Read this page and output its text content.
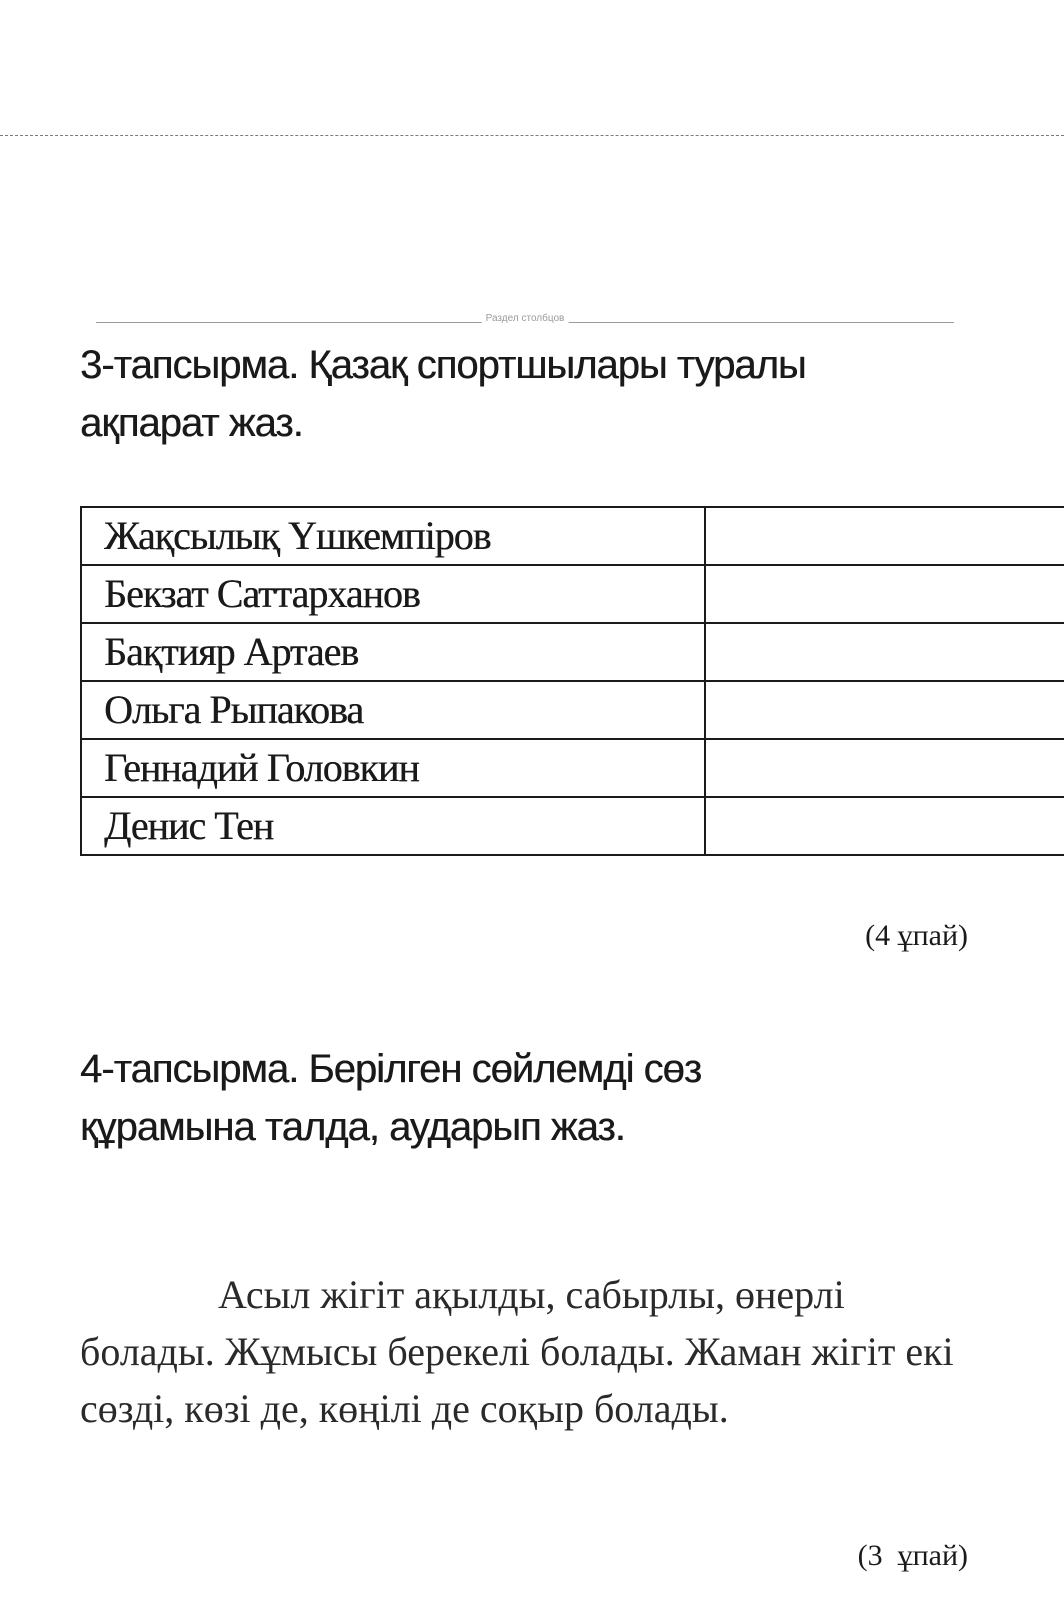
Раздел столбцов
3-тапсырма. Қазақ спортшылары туралы
ақпарат жаз.
Жақсылық Үшкемпіров	
Бекзат Саттарханов	
Бақтияр Артаев	
Ольга Рыпакова	
Геннадий Головкин	
Денис Тен	
(4 ұпай)
4-тапсырма. Берілген сөйлемді сөз
құрамына талда, аударып жаз.

Асыл жігіт ақылды, сабырлы, өнерлі болады. Жұмысы берекелі болады. Жаман жігіт екі сөзді, көзі де, көңілі де соқыр болады.

(3  ұпай)
